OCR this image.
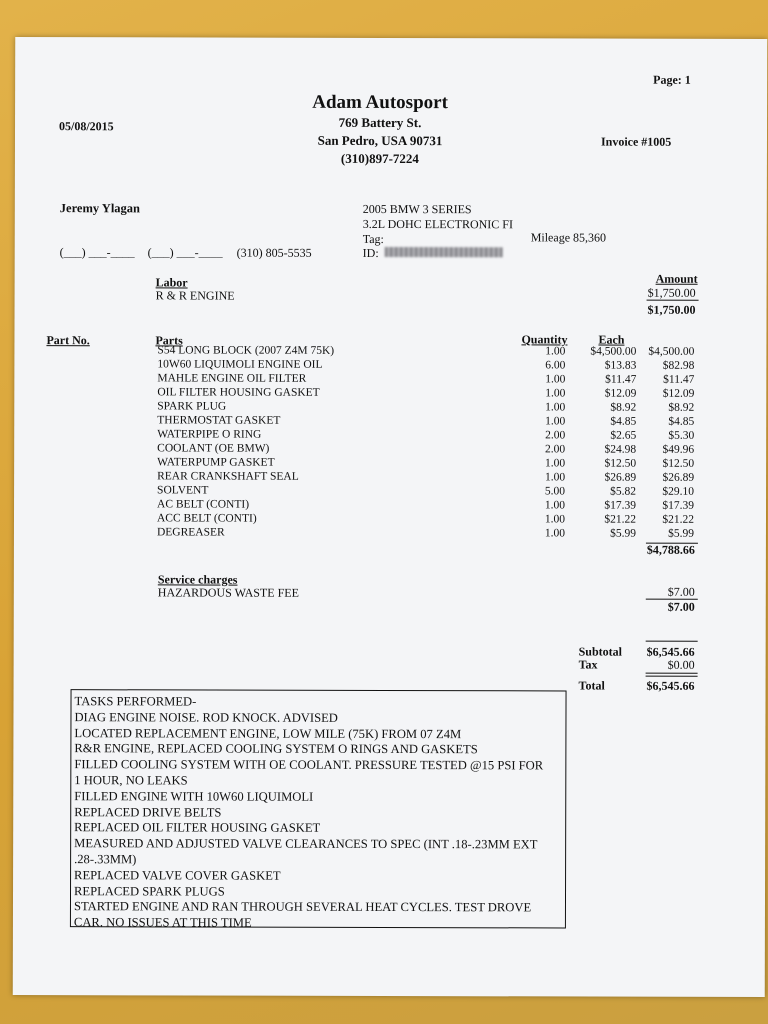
Page: 1
05/08/2015
Adam Autosport
769 Battery St.
San Pedro, USA 90731
(310)897-7224
Invoice #1005
Jeremy Ylagan
(___) ___-____ (___) ___-____ (310) 805-5535
2005 BMW 3 SERIES
3.2L DOHC ELECTRONIC FI
Tag:
ID:
Mileage 85,360
Labor
R & R ENGINE
Amount
$1,750.00
$1,750.00
Part No.	Parts	Quantity	Each
S54 LONG BLOCK (2007 Z4M 75K)	1.00	$4,500.00	$4,500.00
10W60 LIQUIMOLI ENGINE OIL	6.00	$13.83	$82.98
MAHLE ENGINE OIL FILTER	1.00	$11.47	$11.47
OIL FILTER HOUSING GASKET	1.00	$12.09	$12.09
SPARK PLUG	1.00	$8.92	$8.92
THERMOSTAT GASKET	1.00	$4.85	$4.85
WATERPIPE O RING	2.00	$2.65	$5.30
COOLANT (OE BMW)	2.00	$24.98	$49.96
WATERPUMP GASKET	1.00	$12.50	$12.50
REAR CRANKSHAFT SEAL	1.00	$26.89	$26.89
SOLVENT	5.00	$5.82	$29.10
AC BELT (CONTI)	1.00	$17.39	$17.39
ACC BELT (CONTI)	1.00	$21.22	$21.22
DEGREASER	1.00	$5.99	$5.99
$4,788.66
Service charges
HAZARDOUS WASTE FEE	$7.00
$7.00
Subtotal	$6,545.66
Tax	$0.00
Total	$6,545.66
TASKS PERFORMED-
DIAG ENGINE NOISE. ROD KNOCK. ADVISED
LOCATED REPLACEMENT ENGINE, LOW MILE (75K) FROM 07 Z4M
R&R ENGINE, REPLACED COOLING SYSTEM O RINGS AND GASKETS
FILLED COOLING SYSTEM WITH OE COOLANT. PRESSURE TESTED @15 PSI FOR
1 HOUR, NO LEAKS
FILLED ENGINE WITH 10W60 LIQUIMOLI
REPLACED DRIVE BELTS
REPLACED OIL FILTER HOUSING GASKET
MEASURED AND ADJUSTED VALVE CLEARANCES TO SPEC (INT .18-.23MM EXT
.28-.33MM)
REPLACED VALVE COVER GASKET
REPLACED SPARK PLUGS
STARTED ENGINE AND RAN THROUGH SEVERAL HEAT CYCLES. TEST DROVE
CAR. NO ISSUES AT THIS TIME
